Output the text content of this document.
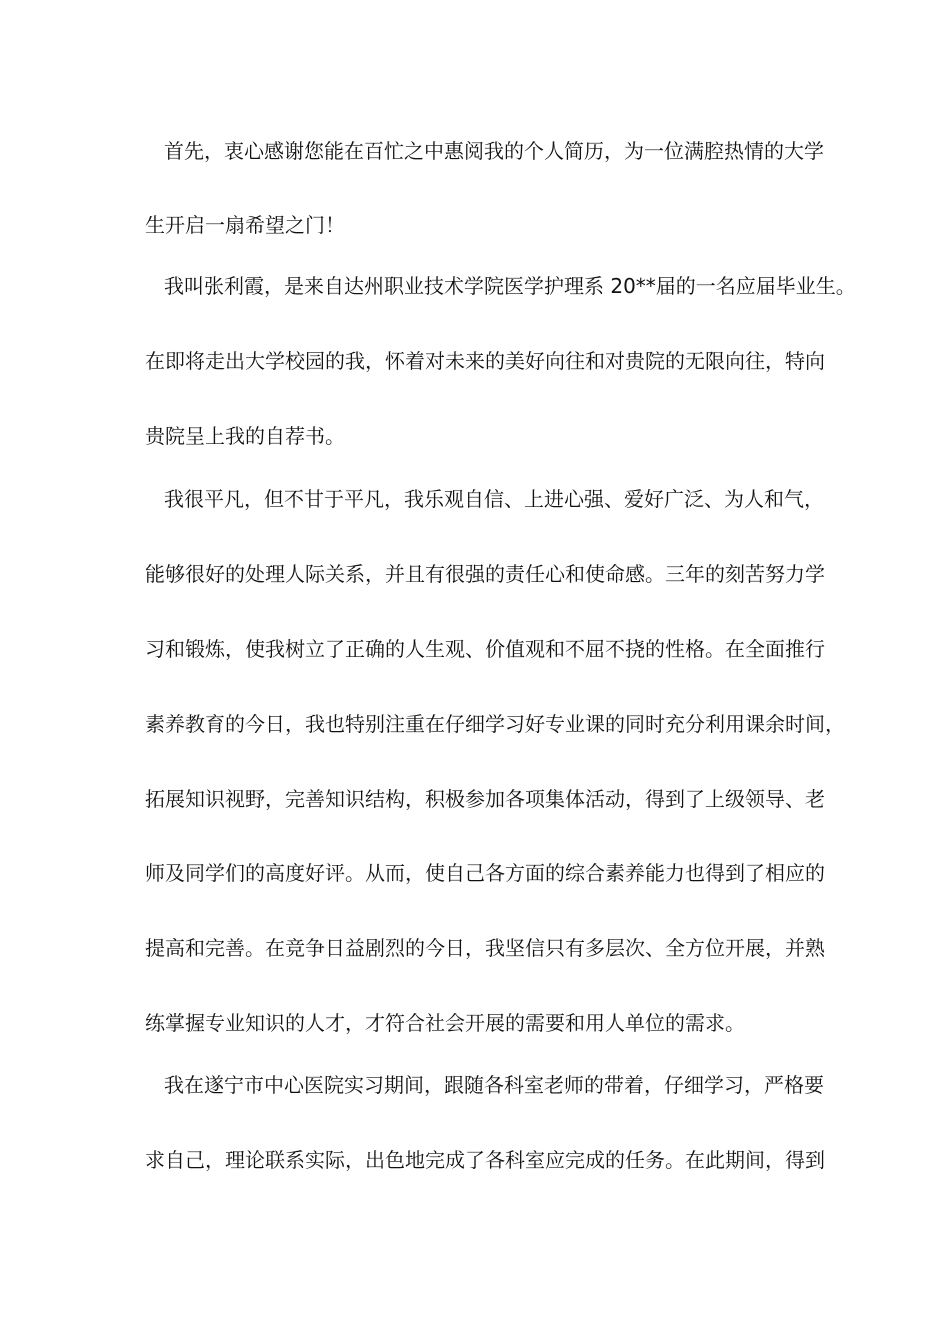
首先，衷心感谢您能在百忙之中惠阅我的个人简历，为一位满腔热情的大学
生开启一扇希望之门！
我叫张利霞，是来自达州职业技术学院医学护理系 20**届的一名应届毕业生。
在即将走出大学校园的我，怀着对未来的美好向往和对贵院的无限向往，特向
贵院呈上我的自荐书。
我很平凡，但不甘于平凡，我乐观自信、上进心强、爱好广泛、为人和气，
能够很好的处理人际关系，并且有很强的责任心和使命感。三年的刻苦努力学
习和锻炼，使我树立了正确的人生观、价值观和不屈不挠的性格。在全面推行
素养教育的今日，我也特别注重在仔细学习好专业课的同时充分利用课余时间，
拓展知识视野，完善知识结构，积极参加各项集体活动，得到了上级领导、老
师及同学们的高度好评。从而，使自己各方面的综合素养能力也得到了相应的
提高和完善。在竞争日益剧烈的今日，我坚信只有多层次、全方位开展，并熟
练掌握专业知识的人才，才符合社会开展的需要和用人单位的需求。
我在遂宁市中心医院实习期间，跟随各科室老师的带着，仔细学习，严格要
求自己，理论联系实际，出色地完成了各科室应完成的任务。在此期间，得到
